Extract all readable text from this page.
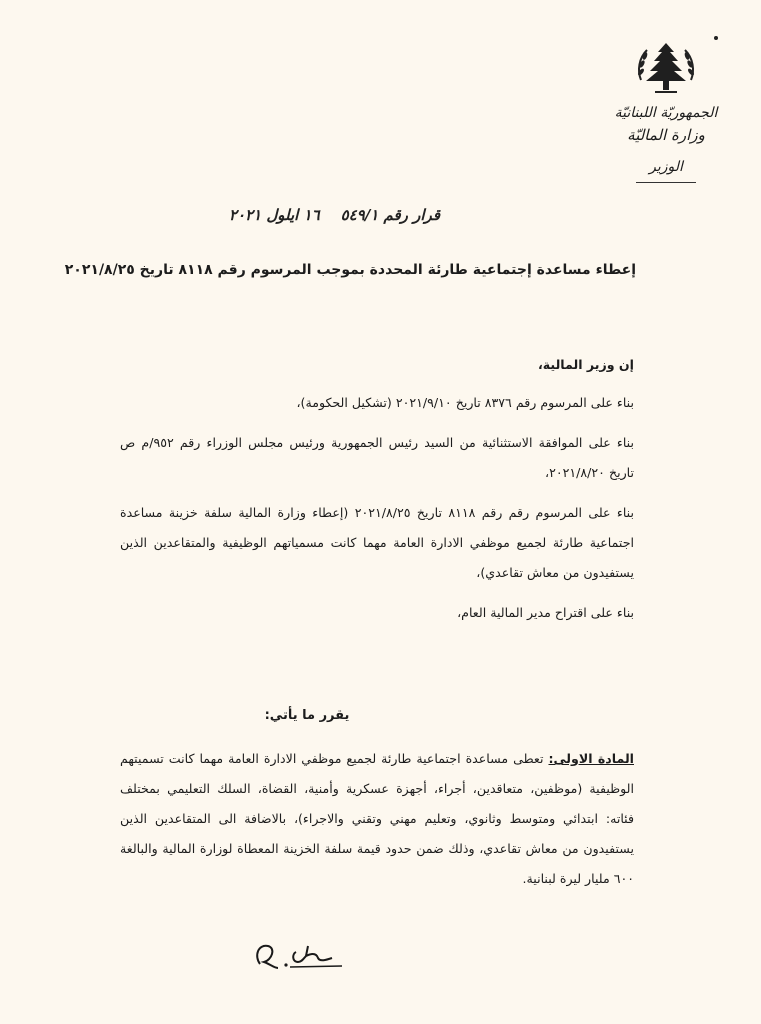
الجمهوريّة اللبنانيّة
وزارة الماليّة
الوزير
قرار رقم ٥٤٩/١    ١٦ ايلول ٢٠٢١
إعطاء مساعدة إجتماعية طارئة المحددة بموجب المرسوم رقم ٨١١٨ تاريخ ٢٠٢١/٨/٢٥

إن وزير المالية،

بناء على المرسوم رقم ٨٣٧٦ تاريخ ٢٠٢١/٩/١٠ (تشكيل الحكومة)،

بناء على الموافقة الاستثنائية من السيد رئيس الجمهورية ورئيس مجلس الوزراء رقم ٩٥٢/م ص تاريخ ٢٠٢١/٨/٢٠،

بناء على المرسوم رقم رقم ٨١١٨ تاريخ ٢٠٢١/٨/٢٥ (إعطاء وزارة المالية سلفة خزينة مساعدة اجتماعية طارئة لجميع موظفي الادارة العامة مهما كانت مسمياتهم الوظيفية والمتقاعدين الذين يستفيدون من معاش تقاعدي)،

بناء على اقتراح مدير المالية العام،

يقرر ما يأتي:
المادة الاولى: تعطى مساعدة اجتماعية طارئة لجميع موظفي الادارة العامة مهما كانت تسميتهم الوظيفية (موظفين، متعاقدين، أجراء، أجهزة عسكرية وأمنية، القضاة، السلك التعليمي بمختلف فئاته: ابتدائي ومتوسط وثانوي، وتعليم مهني وتقني والاجراء)، بالاضافة الى المتقاعدين الذين يستفيدون من معاش تقاعدي، وذلك ضمن حدود قيمة سلفة الخزينة المعطاة لوزارة المالية والبالغة ٦٠٠ مليار ليرة لبنانية.
